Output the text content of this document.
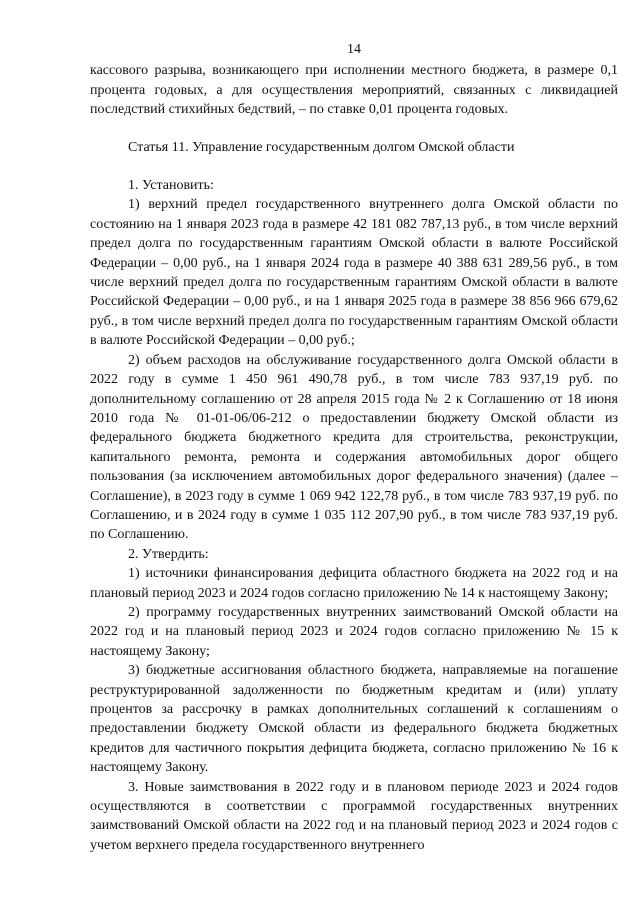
14

кассового разрыва, возникающего при исполнении местного бюджета, в размере 0,1 процента годовых, а для осуществления мероприятий, связанных с ликвидацией последствий стихийных бедствий, – по ставке 0,01 процента годовых.

Статья 11. Управление государственным долгом Омской области

1. Установить:

1) верхний предел государственного внутреннего долга Омской области по состоянию на 1 января 2023 года в размере 42 181 082 787,13 руб., в том числе верхний предел долга по государственным гарантиям Омской области в валюте Российской Федерации – 0,00 руб., на 1 января 2024 года в размере 40 388 631 289,56 руб., в том числе верхний предел долга по государственным гарантиям Омской области в валюте Российской Федерации – 0,00 руб., и на 1 января 2025 года в размере 38 856 966 679,62 руб., в том числе верхний предел долга по государственным гарантиям Омской области в валюте Российской Федерации – 0,00 руб.;

2) объем расходов на обслуживание государственного долга Омской области в 2022 году в сумме 1 450 961 490,78 руб., в том числе 783 937,19 руб. по дополнительному соглашению от 28 апреля 2015 года № 2 к Соглашению от 18 июня 2010 года № 01-01-06/06-212 о предоставлении бюджету Омской области из федерального бюджета бюджетного кредита для строительства, реконструкции, капитального ремонта, ремонта и содержания автомобильных дорог общего пользования (за исключением автомобильных дорог федерального значения) (далее – Соглашение), в 2023 году в сумме 1 069 942 122,78 руб., в том числе 783 937,19 руб. по Соглашению, и в 2024 году в сумме 1 035 112 207,90 руб., в том числе 783 937,19 руб. по Соглашению.

2. Утвердить:

1) источники финансирования дефицита областного бюджета на 2022 год и на плановый период 2023 и 2024 годов согласно приложению № 14 к настоящему Закону;

2) программу государственных внутренних заимствований Омской области на 2022 год и на плановый период 2023 и 2024 годов согласно приложению № 15 к настоящему Закону;

3) бюджетные ассигнования областного бюджета, направляемые на погашение реструктурированной задолженности по бюджетным кредитам и (или) уплату процентов за рассрочку в рамках дополнительных соглашений к соглашениям о предоставлении бюджету Омской области из федерального бюджета бюджетных кредитов для частичного покрытия дефицита бюджета, согласно приложению № 16 к настоящему Закону.

3. Новые заимствования в 2022 году и в плановом периоде 2023 и 2024 годов осуществляются в соответствии с программой государственных внутренних заимствований Омской области на 2022 год и на плановый период 2023 и 2024 годов с учетом верхнего предела государственного внутреннего
